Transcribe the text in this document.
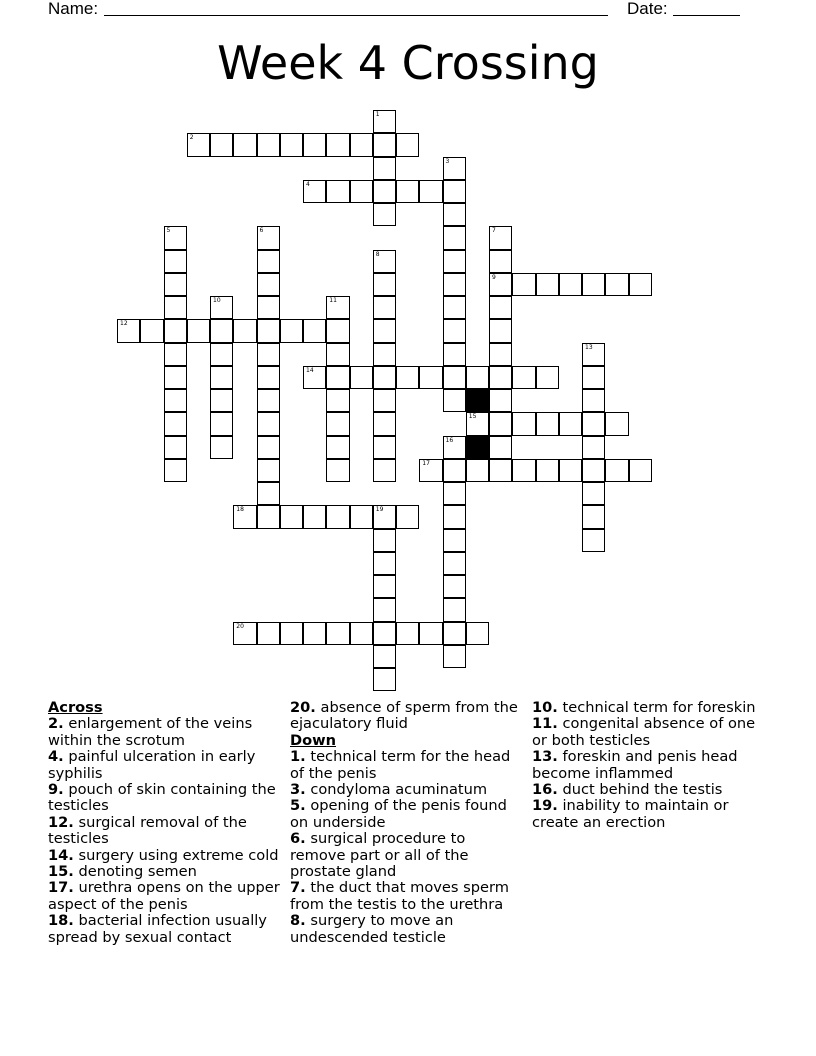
Name:	Date:
Week 4 Crossing
1
2
3
4
5	6	7
8
9
10	11
12
13
14
15
16
17
18	19
20
Across
2. enlargement of the veins within the scrotum
4. painful ulceration in early syphilis
9. pouch of skin containing the testicles
12. surgical removal of the testicles
14. surgery using extreme cold
15. denoting semen
17. urethra opens on the upper aspect of the penis
18. bacterial infection usually spread by sexual contact
20. absence of sperm from the ejaculatory fluid
Down
1. technical term for the head of the penis
3. condyloma acuminatum
5. opening of the penis found on underside
6. surgical procedure to remove part or all of the prostate gland
7. the duct that moves sperm from the testis to the urethra
8. surgery to move an undescended testicle
10. technical term for foreskin
11. congenital absence of one or both testicles
13. foreskin and penis head become inflammed
16. duct behind the testis
19. inability to maintain or create an erection
